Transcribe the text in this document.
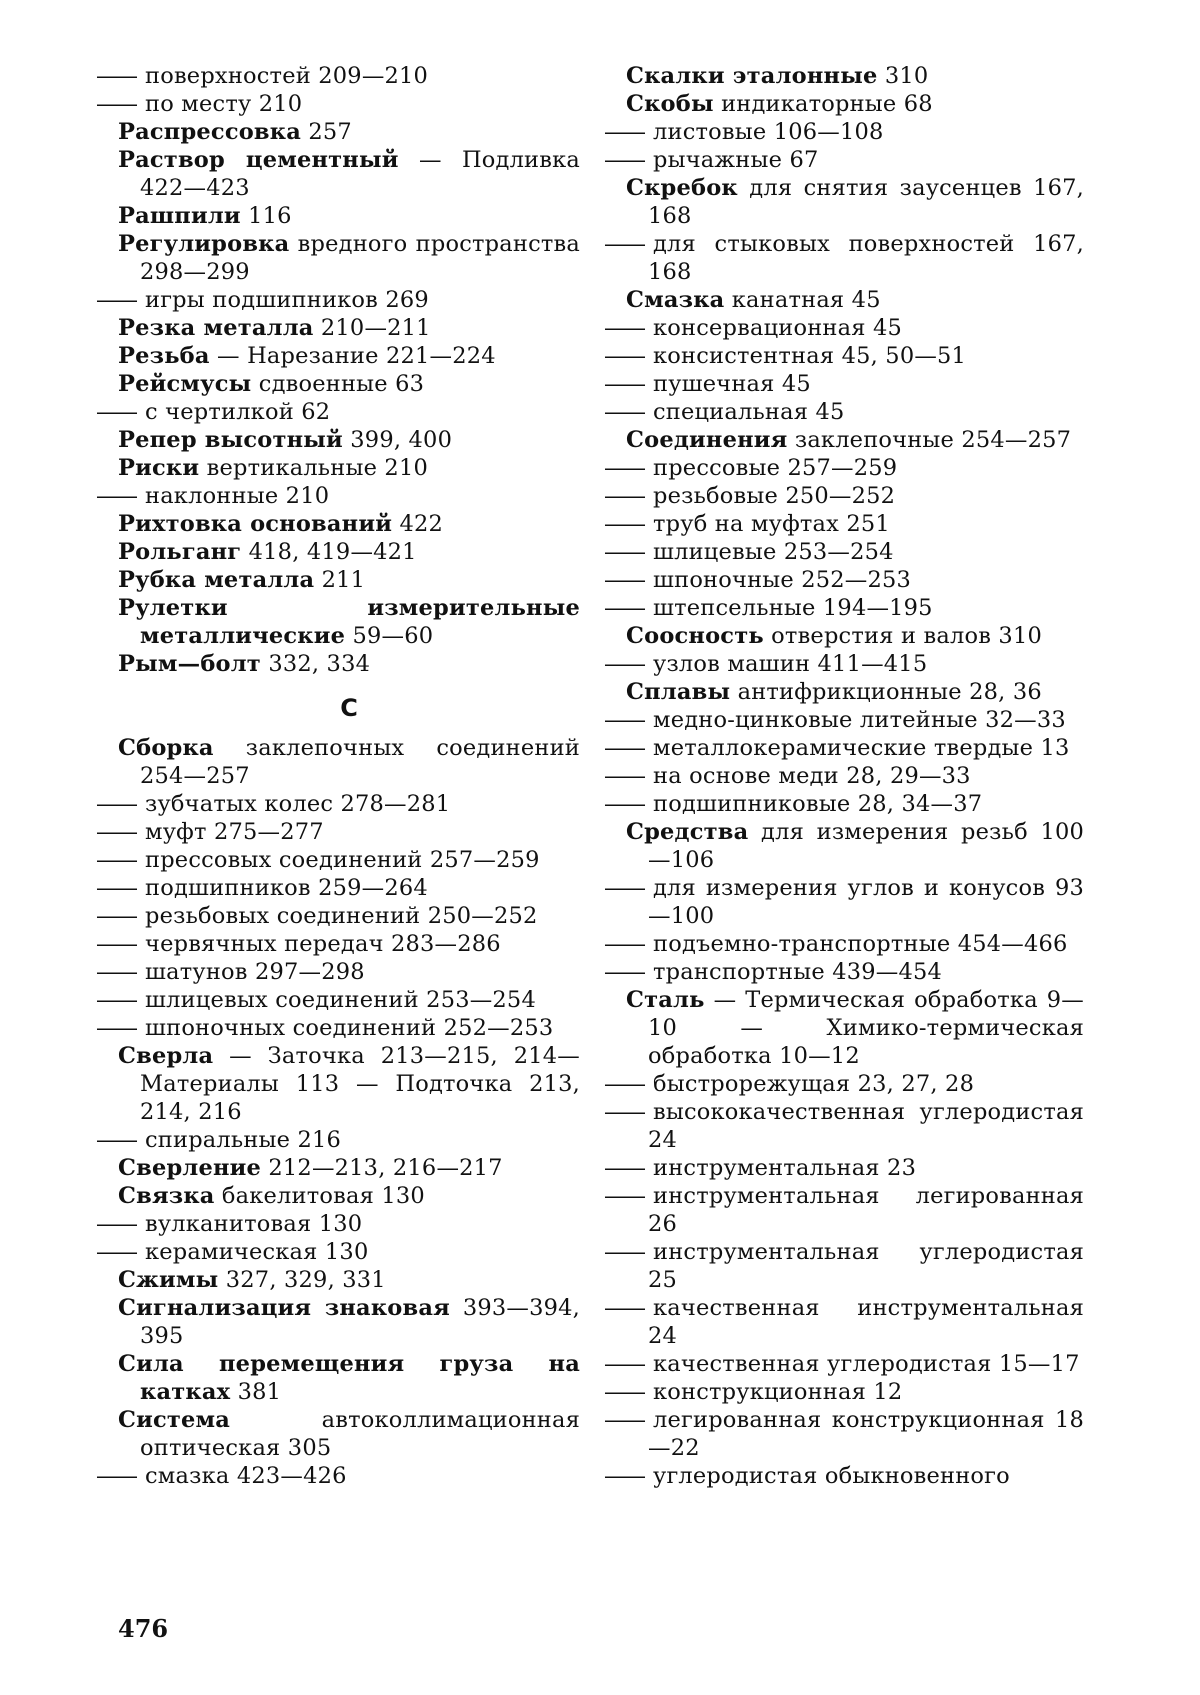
—— поверхностей 209—210
—— по месту 210
Распрессовка 257
Раствор цементный — Подливка 422—423
Рашпили 116
Регулировка вредного пространства 298—299
—— игры подшипников 269
Резка металла 210—211
Резьба — Нарезание 221—224
Рейсмусы сдвоенные 63
—— с чертилкой 62
Репер высотный 399, 400
Риски вертикальные 210
—— наклонные 210
Рихтовка оснований 422
Рольганг 418, 419—421
Рубка металла 211
Рулетки измерительные металлические 59—60
Рым—болт 332, 334
С
Сборка заклепочных соединений 254—257
—— зубчатых колес 278—281
—— муфт 275—277
—— прессовых соединений 257—259
—— подшипников 259—264
—— резьбовых соединений 250—252
—— червячных передач 283—286
—— шатунов 297—298
—— шлицевых соединений 253—254
—— шпоночных соединений 252—253
Сверла — Заточка 213—215, 214— Материалы 113 — Подточка 213, 214, 216
—— спиральные 216
Сверление 212—213, 216—217
Связка бакелитовая 130
—— вулканитовая 130
—— керамическая 130
Сжимы 327, 329, 331
Сигнализация знаковая 393—394, 395
Сила перемещения груза на катках 381
Система	автоколлимационная оптическая 305
—— смазка 423—426
Скалки эталонные 310
Скобы индикаторные 68
—— листовые 106—108
—— рычажные 67
Скребок для снятия заусенцев 167, 168
—— для стыковых поверхностей 167, 168
Смазка канатная 45
—— консервационная 45
—— консистентная 45, 50—51
—— пушечная 45
—— специальная 45
Соединения заклепочные 254—257
—— прессовые 257—259
—— резьбовые 250—252
—— труб на муфтах 251
—— шлицевые 253—254
—— шпоночные 252—253
—— штепсельные 194—195
Соосность отверстия и валов 310
—— узлов машин 411—415
Сплавы антифрикционные 28, 36
—— медно-цинковые литейные 32—33
—— металлокерамические твердые 13
—— на основе меди 28, 29—33
—— подшипниковые 28, 34—37
Средства для измерения резьб 100—106
—— для измерения углов и конусов 93—100
—— подъемно-транспортные 454—466
—— транспортные 439—454
Сталь — Термическая обработка 9—10 — Химико-термическая обработка 10—12
—— быстрорежущая 23, 27, 28
—— высококачественная углеродистая 24
—— инструментальная 23
—— инструментальная легированная 26
—— инструментальная углеродистая 25
—— качественная инструментальная 24
—— качественная углеродистая 15—17
—— конструкционная 12
—— легированная конструкционная 18—22
—— углеродистая обыкновенного
476
